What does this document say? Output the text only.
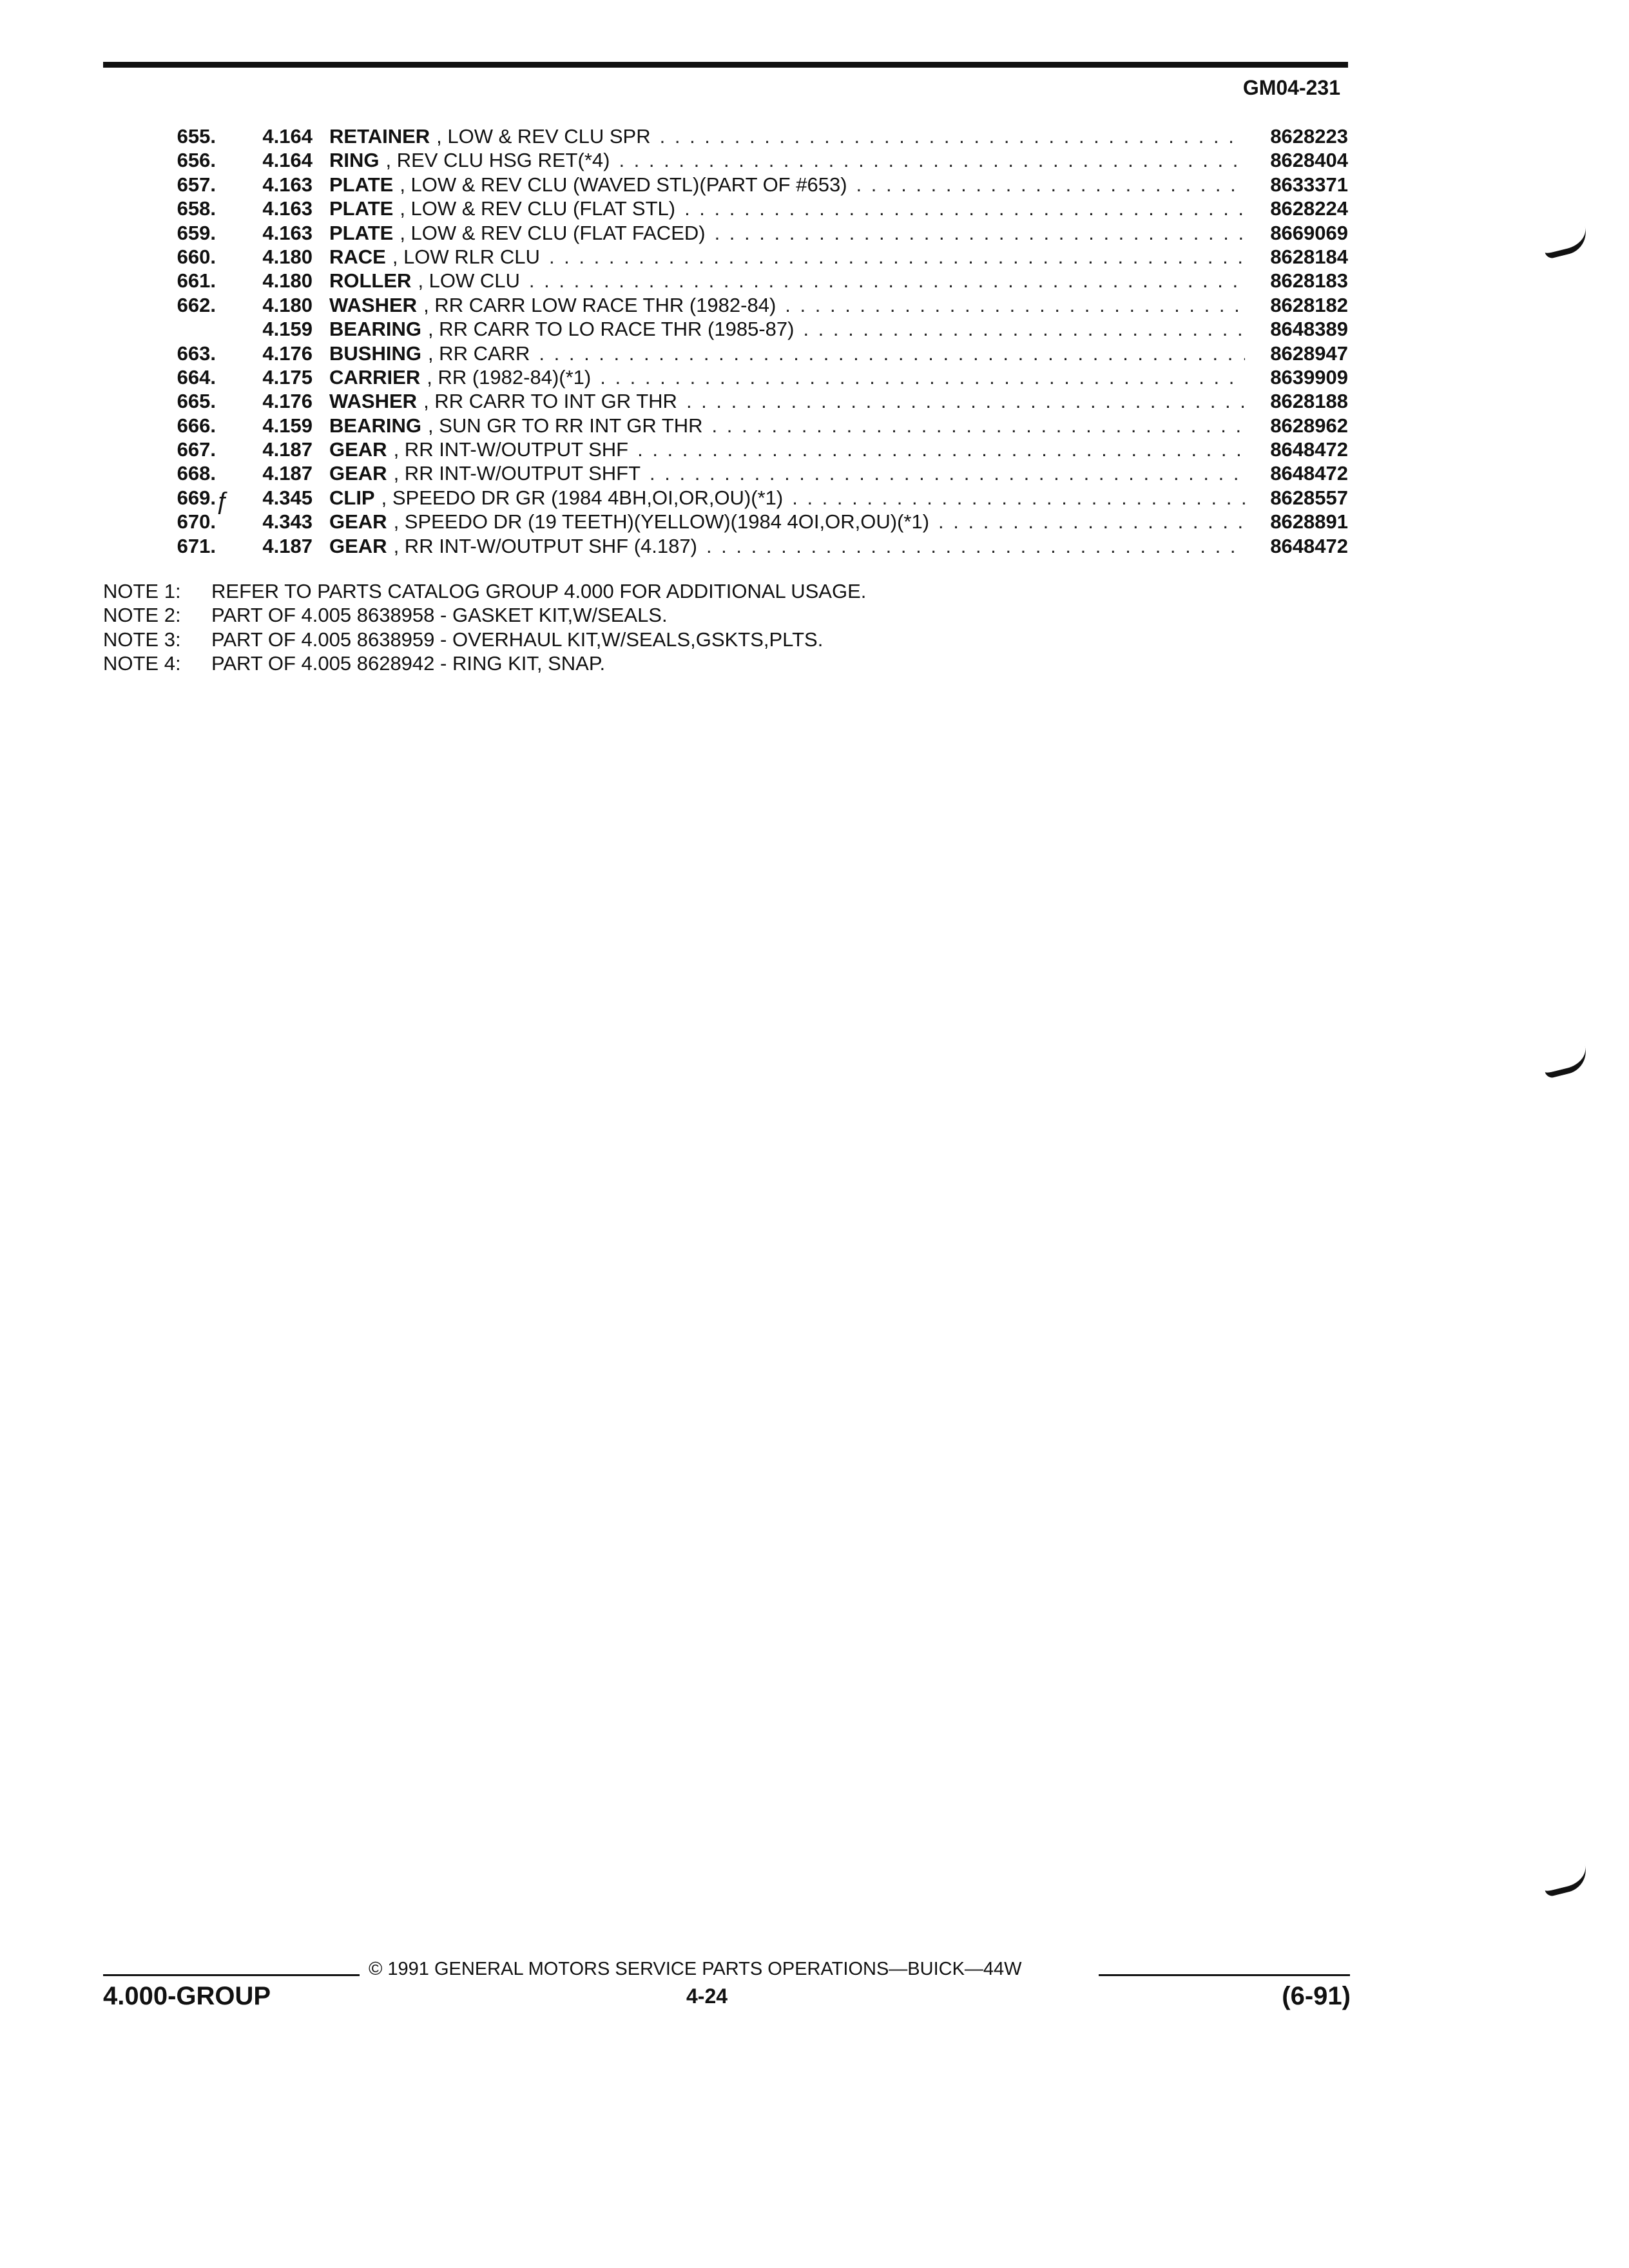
GM04-231
655.	4.164 RETAINER , LOW & REV CLU SPR . . .	8628223
656.	4.164 RING , REV CLU HSG RET(*4) . . .	8628404
657.	4.163 PLATE , LOW & REV CLU (WAVED STL)(PART OF #653) . . .	8633371
658.	4.163 PLATE , LOW & REV CLU (FLAT STL) . . .	8628224
659.	4.163 PLATE , LOW & REV CLU (FLAT FACED) . . .	8669069
660.	4.180 RACE , LOW RLR CLU . . .	8628184
661.	4.180 ROLLER , LOW CLU . . .	8628183
662.	4.180 WASHER , RR CARR LOW RACE THR (1982-84) . . .	8628182
4.159 BEARING , RR CARR TO LO RACE THR (1985-87) . . .	8648389
663.	4.176 BUSHING , RR CARR . . .	8628947
664.	4.175 CARRIER , RR (1982-84)(*1) . . .	8639909
665.	4.176 WASHER , RR CARR TO INT GR THR . . .	8628188
666.	4.159 BEARING , SUN GR TO RR INT GR THR . . .	8628962
667.	4.187 GEAR , RR INT-W/OUTPUT SHF . . .	8648472
668.	4.187 GEAR , RR INT-W/OUTPUT SHFT . . .	8648472
669. ƒ 4.345 CLIP , SPEEDO DR GR (1984 4BH,OI,OR,OU)(*1) . . .	8628557
670.	4.343 GEAR , SPEEDO DR (19 TEETH)(YELLOW)(1984 4OI,OR,OU)(*1) . . .	8628891
671.	4.187 GEAR , RR INT-W/OUTPUT SHF (4.187) . . .	8648472
NOTE 1:	REFER TO PARTS CATALOG GROUP 4.000 FOR ADDITIONAL USAGE.
NOTE 2:	PART OF 4.005 8638958 - GASKET KIT,W/SEALS.
NOTE 3:	PART OF 4.005 8638959 - OVERHAUL KIT,W/SEALS,GSKTS,PLTS.
NOTE 4:	PART OF 4.005 8628942 - RING KIT, SNAP.
© 1991 GENERAL MOTORS SERVICE PARTS OPERATIONS—BUICK—44W
4.000-GROUP	4-24	(6-91)
